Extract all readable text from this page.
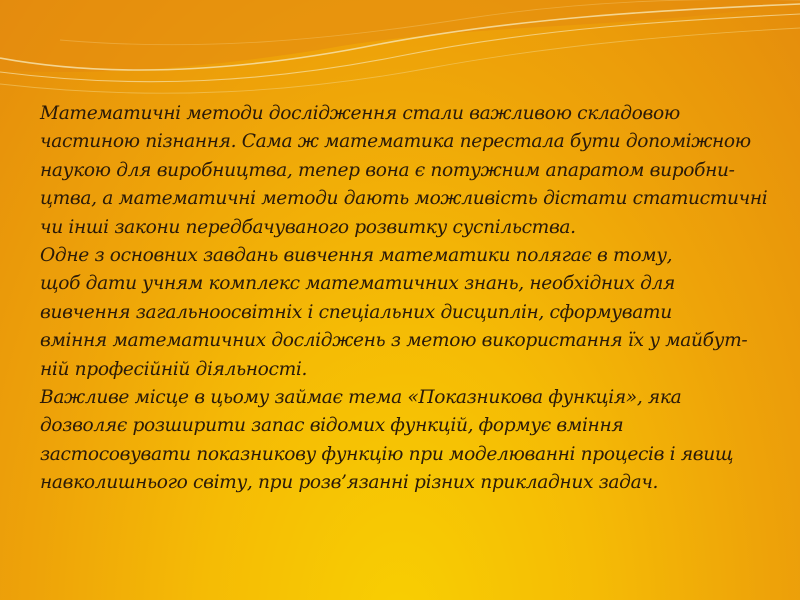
Математичні методи дослідження стали важливою складовою
частиною пізнання. Сама ж математика перестала бути допоміжною
наукою для виробництва, тепер вона є потужним апаратом виробни-
цтва, а математичні методи дають можливість дістати статистичні
чи інші закони передбачуваного розвитку суспільства.
Одне з основних завдань вивчення математики полягає в тому,
щоб дати учням комплекс математичних знань, необхідних для
вивчення загальноосвітніх і спеціальних дисциплін, сформувати
вміння математичних досліджень з метою використання їх у майбут-
ній професійній діяльності.
Важливе місце в цьому займає тема «Показникова функція», яка
дозволяє розширити запас відомих функцій, формує вміння
застосовувати показникову функцію при моделюванні процесів і явищ
навколишнього світу, при розв’язанні різних прикладних задач.
